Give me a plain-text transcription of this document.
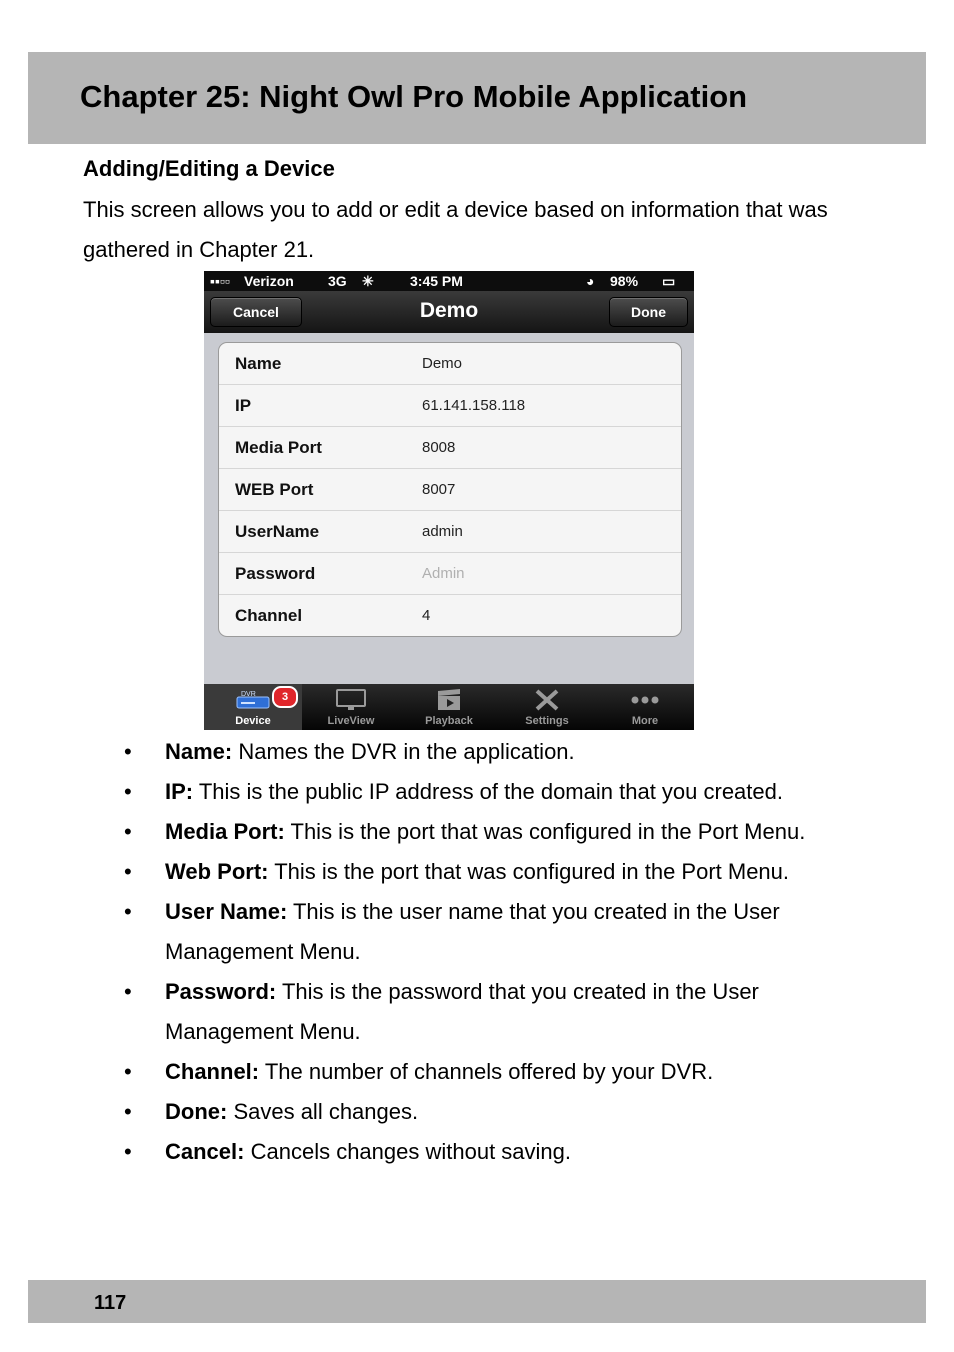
Chapter 25: Night Owl Pro Mobile Application
Adding/Editing a Device

This screen allows you to add or edit a device based on information that was gathered in Chapter 21.

▪▪▫▫ Verizon 3G ✳	3:45 PM	◕ 98% ▭
Cancel	Demo	Done
Name	Demo
IP	61.141.158.118
Media Port	8008
WEB Port	8007
UserName	admin
Password	Admin
Channel	4
DVR	3
Device	LiveView	Playback	Settings	More
• Name: Names the DVR in the application.
• IP: This is the public IP address of the domain that you created.
• Media Port: This is the port that was configured in the Port Menu.
• Web Port: This is the port that was configured in the Port Menu.
• User Name: This is the user name that you created in the User Management Menu.
• Password: This is the password that you created in the User Management Menu.
• Channel: The number of channels offered by your DVR.
• Done: Saves all changes.
• Cancel: Cancels changes without saving.
117
